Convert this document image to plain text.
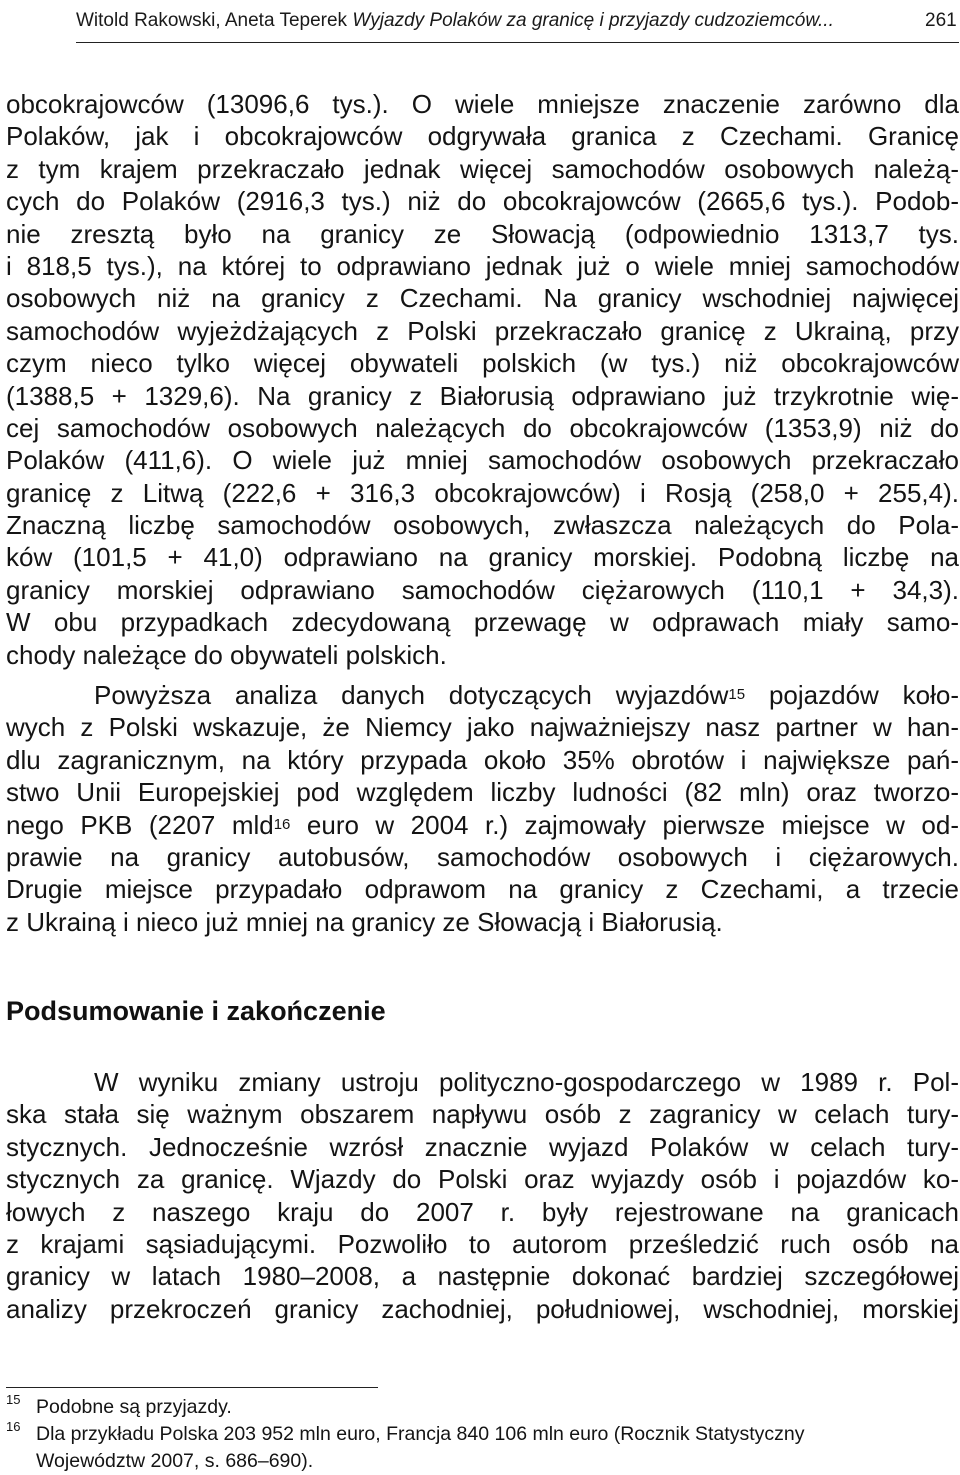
Witold Rakowski, Aneta Teperek Wyjazdy Polaków za granicę i przyjazdy cudzoziemców...	261
obcokrajowców (13096,6 tys.). O wiele mniejsze znaczenie zarówno dla
Polaków, jak i obcokrajowców odgrywała granica z Czechami. Granicę
z tym krajem przekraczało jednak więcej samochodów osobowych należą-
cych do Polaków (2916,3 tys.) niż do obcokrajowców (2665,6 tys.). Podob-
nie zresztą było na granicy ze Słowacją (odpowiednio 1313,7 tys.
i 818,5 tys.), na której to odprawiano jednak już o wiele mniej samochodów
osobowych niż na granicy z Czechami. Na granicy wschodniej najwięcej
samochodów wyjeżdżających z Polski przekraczało granicę z Ukrainą, przy
czym nieco tylko więcej obywateli polskich (w tys.) niż obcokrajowców
(1388,5 + 1329,6). Na granicy z Białorusią odprawiano już trzykrotnie wię-
cej samochodów osobowych należących do obcokrajowców (1353,9) niż do
Polaków (411,6). O wiele już mniej samochodów osobowych przekraczało
granicę z Litwą (222,6 + 316,3 obcokrajowców) i Rosją (258,0 + 255,4).
Znaczną liczbę samochodów osobowych, zwłaszcza należących do Pola-
ków (101,5 + 41,0) odprawiano na granicy morskiej. Podobną liczbę na
granicy morskiej odprawiano samochodów ciężarowych (110,1 + 34,3).
W obu przypadkach zdecydowaną przewagę w odprawach miały samo-
chody należące do obywateli polskich.
Powyższa analiza danych dotyczących wyjazdów$^{15}$ pojazdów koło-
wych z Polski wskazuje, że Niemcy jako najważniejszy nasz partner w han-
dlu zagranicznym, na który przypada około 35% obrotów i największe pań-
stwo Unii Europejskiej pod względem liczby ludności (82 mln) oraz tworzo-
nego PKB (2207 mld$^{16}$ euro w 2004 r.) zajmowały pierwsze miejsce w od-
prawie na granicy autobusów, samochodów osobowych i ciężarowych.
Drugie miejsce przypadało odprawom na granicy z Czechami, a trzecie
z Ukrainą i nieco już mniej na granicy ze Słowacją i Białorusią.
Podsumowanie i zakończenie
W wyniku zmiany ustroju polityczno-gospodarczego w 1989 r. Pol-
ska stała się ważnym obszarem napływu osób z zagranicy w celach tury-
stycznych. Jednocześnie wzrósł znacznie wyjazd Polaków w celach tury-
stycznych za granicę. Wjazdy do Polski oraz wyjazdy osób i pojazdów ko-
łowych z naszego kraju do 2007 r. były rejestrowane na granicach
z krajami sąsiadującymi. Pozwoliło to autorom prześledzić ruch osób na
granicy w latach 1980–2008, a następnie dokonać bardziej szczegółowej
analizy przekroczeń granicy zachodniej, południowej, wschodniej, morskiej
15 Podobne są przyjazdy.
16 Dla przykładu Polska 203 952 mln euro, Francja 840 106 mln euro (Rocznik Statystyczny
Województw 2007, s. 686–690).
